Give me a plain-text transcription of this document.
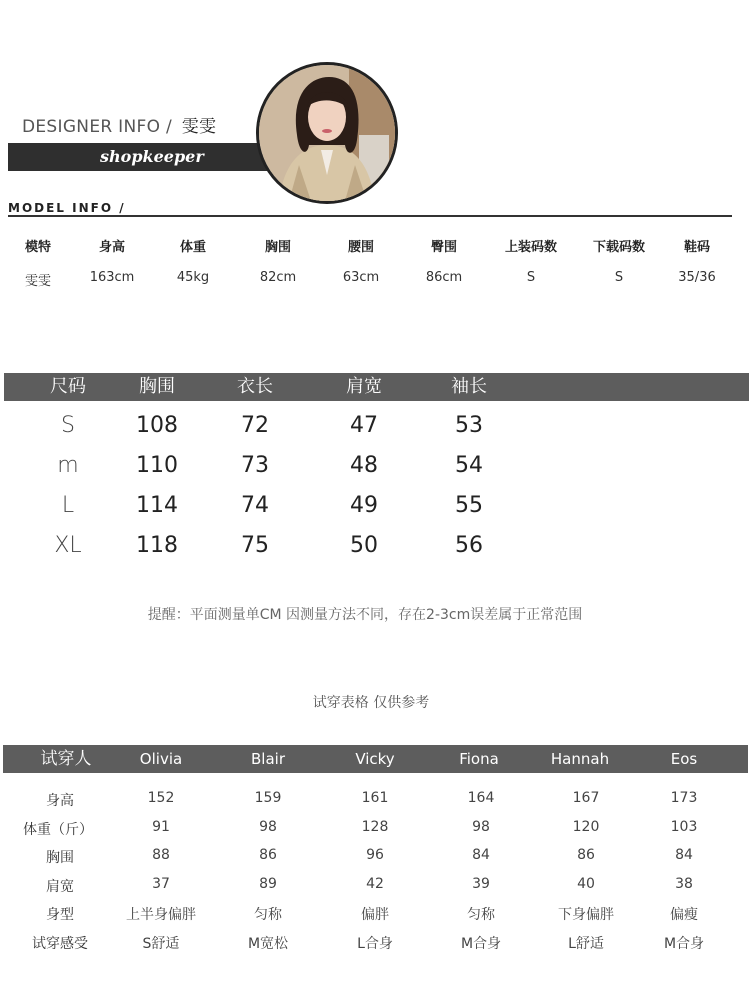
DESIGNER INFO / 雯雯
shopkeeper
MODEL INFO /
模特	身高	体重	胸围	腰围	臀围	上装码数	下载码数	鞋码
雯雯	163cm	45kg	82cm	63cm	86cm	S	S	35/36
尺码	胸围	衣长	肩宽	袖长
S	108	72	47	53
m	110	73	48	54
L	114	74	49	55
XL	118	75	50	56
提醒：平面测量单CM 因测量方法不同，存在2-3cm误差属于正常范围
试穿表格 仅供参考
试穿人	Olivia	Blair	Vicky	Fiona	Hannah	Eos
身高	152	159	161	164	167	173
体重（斤）	91	98	128	98	120	103
胸围	88	86	96	84	86	84
肩宽	37	89	42	39	40	38
身型	上半身偏胖	匀称	偏胖	匀称	下身偏胖	偏瘦
试穿感受	S舒适	M宽松	L合身	M合身	L舒适	M合身
